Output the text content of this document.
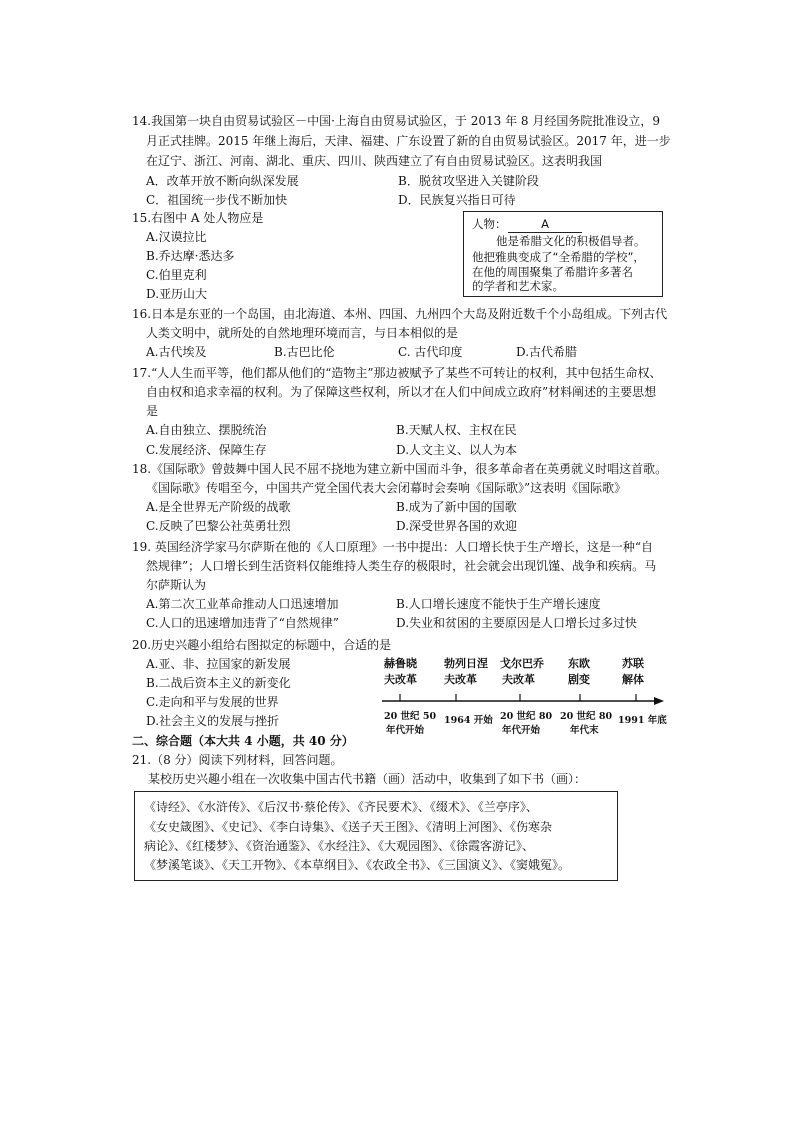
14.我国第一块自由贸易试验区－中国·上海自由贸易试验区，于 2013 年 8 月经国务院批准设立，9
月正式挂牌。2015 年继上海后，天津、福建、广东设置了新的自由贸易试验区。2017 年，进一步
在辽宁、浙江、河南、湖北、重庆、四川、陕西建立了有自由贸易试验区。这表明我国
A．改革开放不断向纵深发展	B．脱贫攻坚进入关键阶段
C．祖国统一步伐不断加快	D．民族复兴指日可待
15.右图中 A 处人物应是
A.汉谟拉比
B.乔达摩·悉达多
C.伯里克利
D.亚历山大
人物：	A
他是希腊文化的积极倡导者。
他把雅典变成了“全希腊的学校”，
在他的周围聚集了希腊许多著名
的学者和艺术家。
16.日本是东亚的一个岛国，由北海道、本州、四国、九州四个大岛及附近数千个小岛组成。下列古代
人类文明中，就所处的自然地理环境而言，与日本相似的是
A.古代埃及	B.古巴比伦	C. 古代印度	D.古代希腊
17.“人人生而平等，他们都从他们的“造物主”那边被赋予了某些不可转让的权利，其中包括生命权、
自由权和追求幸福的权利。为了保障这些权利，所以才在人们中间成立政府”材料阐述的主要思想
是
A.自由独立、摆脱统治	B.天赋人权、主权在民
C.发展经济、保障生存	D.人文主义、以人为本
18.《国际歌》曾鼓舞中国人民不屈不挠地为建立新中国而斗争，很多革命者在英勇就义时唱这首歌。
《国际歌》传唱至今，中国共产党全国代表大会闭幕时会奏响《国际歌》”这表明《国际歌》
A.是全世界无产阶级的战歌	B.成为了新中国的国歌
C.反映了巴黎公社英勇壮烈	D.深受世界各国的欢迎
19. 英国经济学家马尔萨斯在他的《人口原理》一书中提出：人口增长快于生产增长，这是一种“自
然规律”；人口增长到生活资料仅能维持人类生存的极限时，社会就会出现饥馑、战争和疾病。马
尔萨斯认为
A.第二次工业革命推动人口迅速增加	B.人口增长速度不能快于生产增长速度
C.人口的迅速增加违背了“自然规律”	D.失业和贫困的主要原因是人口增长过多过快
20.历史兴趣小组给右图拟定的标题中，合适的是
A.亚、非、拉国家的新发展
B.二战后资本主义的新变化
C.走向和平与发展的世界
D.社会主义的发展与挫折
赫鲁晓
夫改革
勃列日涅
夫改革
戈尔巴乔
夫改革
东欧
剧变
苏联
解体
20 世纪 50
年代开始
1964 开始 20 世纪 80
年代开始
20 世纪 80
年代末
1991 年底
二、综合题（本大共 4 小题，共 40 分）
21.（8 分）阅读下列材料，回答问题。
某校历史兴趣小组在一次收集中国古代书籍（画）活动中，收集到了如下书（画）：
《诗经》、《水浒传》、《后汉书·蔡伦传》、《齐民要术》、《缀术》、《兰亭序》、
《女史箴图》、《史记》、《李白诗集》、《送子天王图》、《清明上河图》、《伤寒杂
病论》、《红楼梦》、《资治通鉴》、《水经注》、《大观园图》、《徐霞客游记》、
《梦溪笔谈》、《天工开物》、《本草纲目》、《农政全书》、《三国演义》、《窦娥冤》。
